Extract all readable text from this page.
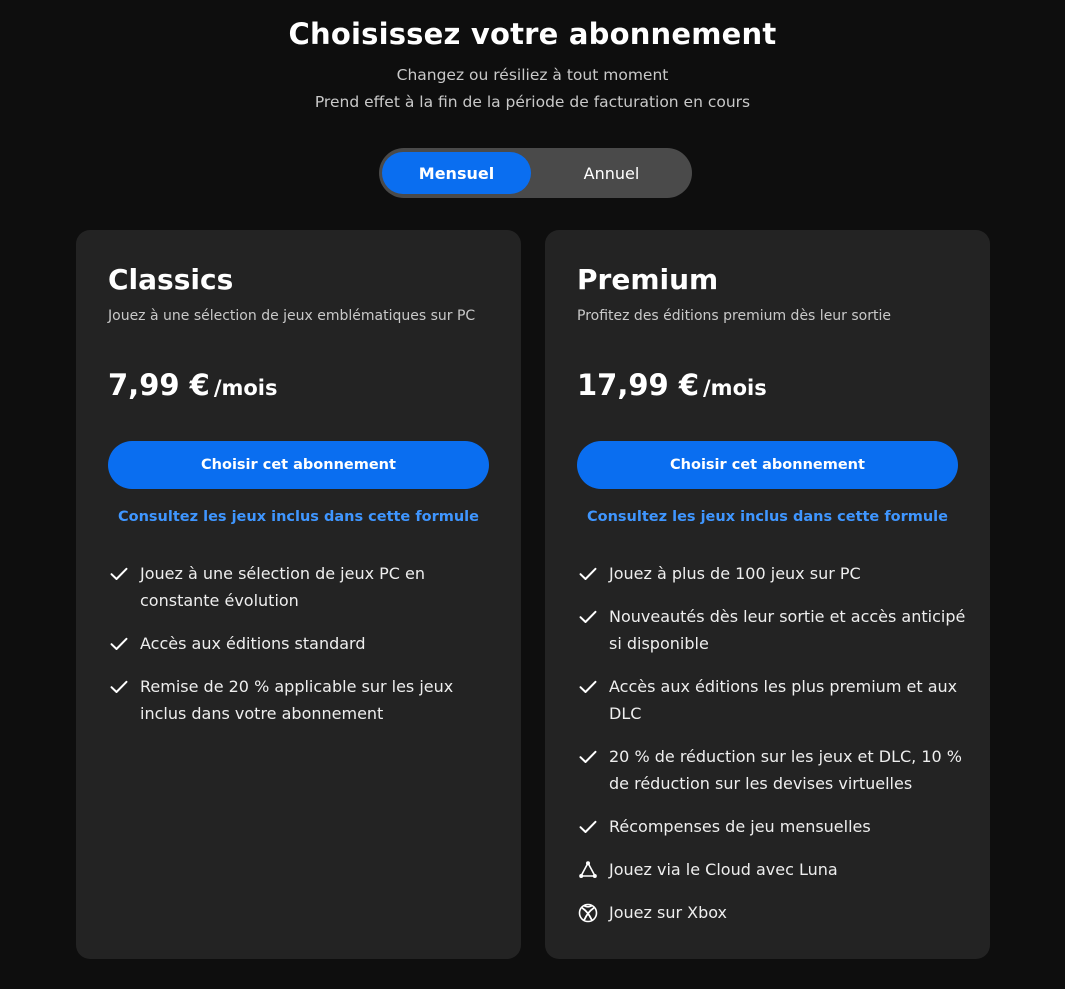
Choisissez votre abonnement

Changez ou résiliez à tout moment

Prend effet à la fin de la période de facturation en cours

Mensuel	Annuel
Classics

Jouez à une sélection de jeux emblématiques sur PC

7,99 € /mois
Choisir cet abonnement
Consultez les jeux inclus dans cette formule
Jouez à une sélection de jeux PC en constante évolution
Accès aux éditions standard
Remise de 20 % applicable sur les jeux inclus dans votre abonnement
Premium

Profitez des éditions premium dès leur sortie

17,99 € /mois
Choisir cet abonnement
Consultez les jeux inclus dans cette formule
Jouez à plus de 100 jeux sur PC
Nouveautés dès leur sortie et accès anticipé si disponible
Accès aux éditions les plus premium et aux DLC
20 % de réduction sur les jeux et DLC, 10 % de réduction sur les devises virtuelles
Récompenses de jeu mensuelles
Jouez via le Cloud avec Luna
Jouez sur Xbox
